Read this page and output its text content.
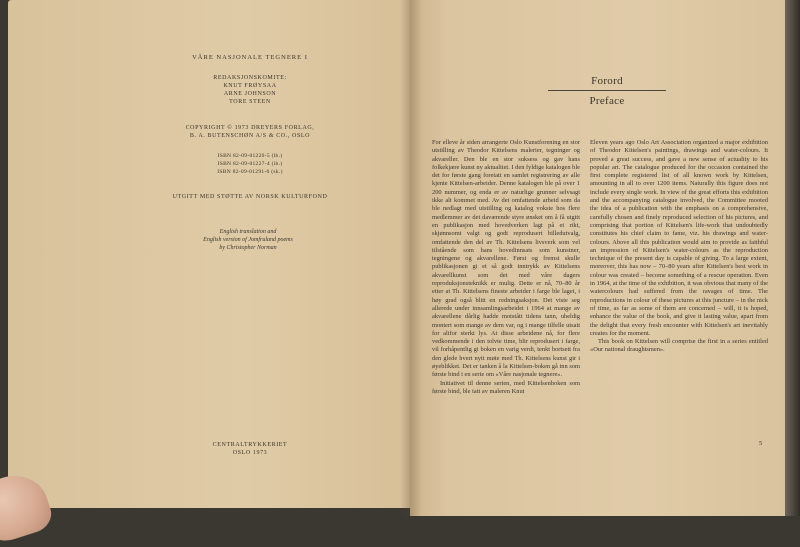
VÅRE NASJONALE TEGNERE I
REDAKSJONSKOMITE:
KNUT FRØYSAA
ARNE JOHNSON
TORE STEEN
COPYRIGHT © 1973 DREYERS FORLAG,
B. A. BUTENSCHØN A/S & CO., OSLO
ISBN 82-09-01220-5 (lb.)
ISBN 82-09-01227-4 (ib.)
ISBN 82-09-01291-6 (sk.)
UTGITT MED STØTTE AV NORSK KULTURFOND
English translation and
English version of Jomfruland poems
by Christopher Norman
CENTRALTRYKKERIET
OSLO 1973
Forord
Preface

For ellevе år siden arrangerte Oslo Kunstforening en stor utstilling av Theodor Kittelsens malerier, tegninger og akvareller. Den ble en stor suksess og gav hans folkekjære kunst ny aktualitet. I den fyldige katalogen ble det for første gang foretatt en samlet registrering av alle kjente Kittelsen-arbeider. Denne katalogen ble på over 1 200 nummer, og enda er av naturlige grunner selvsagt ikke alt kommet med. Av det omfattende arbeid som da ble nedlagt med utstilling og katalog vokste hos flere medlemmer av det daværende styre ønsket om å få utgitt en publikasjon med hovedverken lagt på et rikt, skjønnsomt valgt og godt reprodusert billedutvalg, omfattende den del av Th. Kittelsens livsverk som vel tilstående som hans hovedinnsats som kunstner, tegningene og akvarellene. Først og fremst skulle publikasjonen gi et så godt inntrykk av Kittelsens akvarellkunst som det med våre dagers reproduksjonsteknikk er mulig. Dette er nå, 70–80 år etter at Th. Kittelsens fineste arbeider i farge ble laget, i høy grad også blitt en redningsaksjon. Det viste seg allerede under innsamlingsarbeidet i 1964 at mange av akvarellene dårlig hadde motstått tidens tann, uheldig montert som mange av dem var, og i mange tilfelle utsatt for altfor sterkt lys. At disse arbeidene nå, for flere vedkommende i den tolvte time, blir reprodusert i farge, vil forhåpentlig gi boken en varig verdi, tenkt bortsett fra den glede hvert nytt møte med Th. Kittelsens kunst gir i øyeblikket. Det er tanken å la Kittelsen-boken gå inn som første bind i en serie om «Våre nasjonale tegnere».

Initiativet til denne serien, med Kittelsenboken som første bind, ble tatt av maleren Knut

Eleven years ago Oslo Art Association organized a major exhibition of Theodor Kittelsen's paintings, drawings and water-colours. It proved a great success, and gave a new sense of actuality to his popular art. The catalogue produced for the occasion contained the first complete registered list of all known work by Kittelsen, amounting in all to over 1200 items. Naturally this figure does not include every single work. In view of the great efforts this exhibition and the accompanying catalogue involved, the Committee mooted the idea of a publication with the emphasis on a comprehensive, carefully chosen and finely reproduced selection of his pictures, and comprising that portion of Kittelsen's life-work that undoubtedly constitutes his chief claim to fame, viz. his drawings and water-colours. Above all this publication would aim to provide as faithful an impression of Kittelsen's water-colours as the reproduction technique of the present day is capable of giving. To a large extent, moreover, this has now – 70–80 years after Kittelsen's best work in colour was created – become something of a rescue operation. Even in 1964, at the time of the exhibition, it was obvious that many of the watercolours had suffered from the ravages of time. The reproductions in colour of these pictures at this juncture – in the nick of time, as far as some of them are concerned – will, it is hoped, enhance the value of the book, and give it lasting value, apart from the delight that every fresh encounter with Kittelsen's art inevitably creates for the moment.

This book on Kittelsen will comprise the first in a series entitled «Our national draughtsmen».

5
